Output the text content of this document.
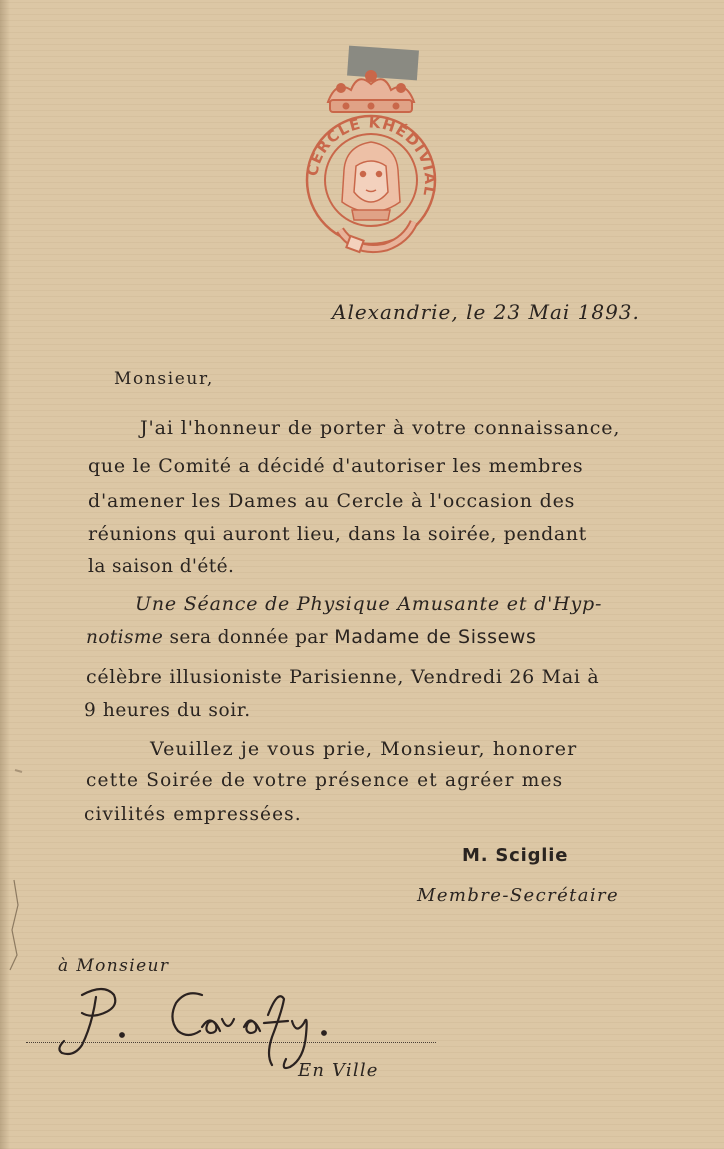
CERCLE KHÉDIVIAL
Alexandrie, le 23 Mai 1893.
Monsieur,
J'ai l'honneur de porter à votre connaissance,
que le Comité a décidé d'autoriser les membres
d'amener les Dames au Cercle à l'occasion des
réunions qui auront lieu, dans la soirée, pendant
la saison d'été.
Une Séance de Physique Amusante et d'Hyp-
notisme sera donnée par Madame de Sissews
célèbre illusioniste Parisienne, Vendredi 26 Mai à
9 heures du soir.
Veuillez je vous prie, Monsieur, honorer
cette Soirée de votre présence et agréer mes
civilités empressées.
M. Sciglie
Membre-Secrétaire
à Monsieur
En Ville
